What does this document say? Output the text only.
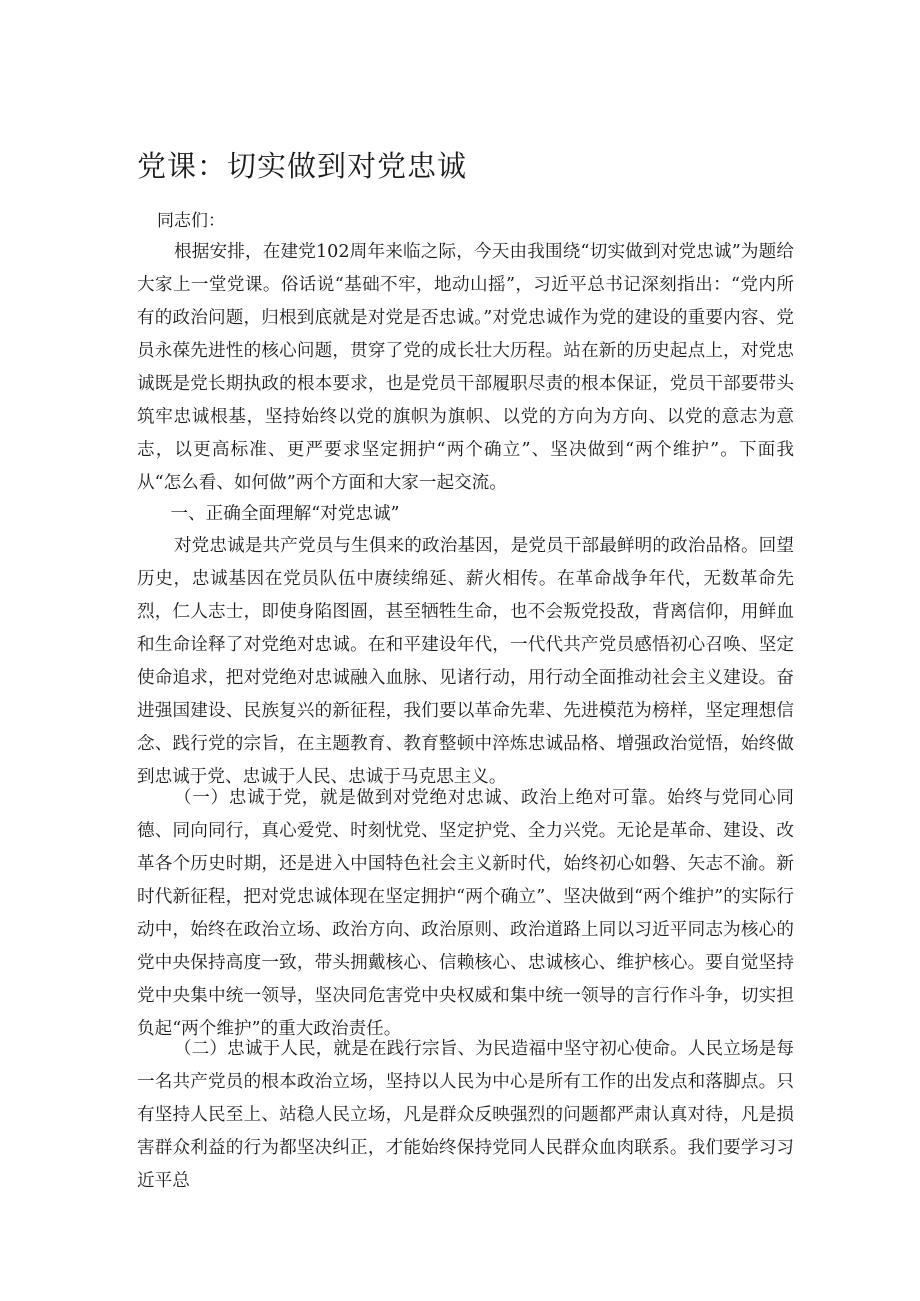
党课：切实做到对党忠诚

同志们：

根据安排，在建党102周年来临之际，今天由我围绕“切实做到对党忠诚”为题给大家上一堂党课。俗话说“基础不牢，地动山摇”，习近平总书记深刻指出：“党内所有的政治问题，归根到底就是对党是否忠诚。”对党忠诚作为党的建设的重要内容、党员永葆先进性的核心问题，贯穿了党的成长壮大历程。站在新的历史起点上，对党忠诚既是党长期执政的根本要求，也是党员干部履职尽责的根本保证，党员干部要带头筑牢忠诚根基，坚持始终以党的旗帜为旗帜、以党的方向为方向、以党的意志为意志，以更高标准、更严要求坚定拥护“两个确立”、坚决做到“两个维护”。下面我从“怎么看、如何做”两个方面和大家一起交流。

一、正确全面理解“对党忠诚”

对党忠诚是共产党员与生俱来的政治基因，是党员干部最鲜明的政治品格。回望历史，忠诚基因在党员队伍中赓续绵延、薪火相传。在革命战争年代，无数革命先烈，仁人志士，即使身陷图圄，甚至牺牲生命，也不会叛党投敌，背离信仰，用鲜血和生命诠释了对党绝对忠诚。在和平建设年代，一代代共产党员感悟初心召唤、坚定使命追求，把对党绝对忠诚融入血脉、见诸行动，用行动全面推动社会主义建设。奋进强国建设、民族复兴的新征程，我们要以革命先辈、先进模范为榜样，坚定理想信念、践行党的宗旨，在主题教育、教育整顿中淬炼忠诚品格、增强政治觉悟，始终做到忠诚于党、忠诚于人民、忠诚于马克思主义。

（一）忠诚于党，就是做到对党绝对忠诚、政治上绝对可靠。始终与党同心同德、同向同行，真心爱党、时刻忧党、坚定护党、全力兴党。无论是革命、建设、改革各个历史时期，还是进入中国特色社会主义新时代，始终初心如磐、矢志不渝。新时代新征程，把对党忠诚体现在坚定拥护“两个确立”、坚决做到“两个维护”的实际行动中，始终在政治立场、政治方向、政治原则、政治道路上同以习近平同志为核心的党中央保持高度一致，带头拥戴核心、信赖核心、忠诚核心、维护核心。要自觉坚持党中央集中统一领导，坚决同危害党中央权威和集中统一领导的言行作斗争，切实担负起“两个维护”的重大政治责任。

（二）忠诚于人民，就是在践行宗旨、为民造福中坚守初心使命。人民立场是每一名共产党员的根本政治立场，坚持以人民为中心是所有工作的出发点和落脚点。只有坚持人民至上、站稳人民立场，凡是群众反映强烈的问题都严肃认真对待，凡是损害群众利益的行为都坚决纠正，才能始终保持党同人民群众血肉联系。我们要学习习近平总
